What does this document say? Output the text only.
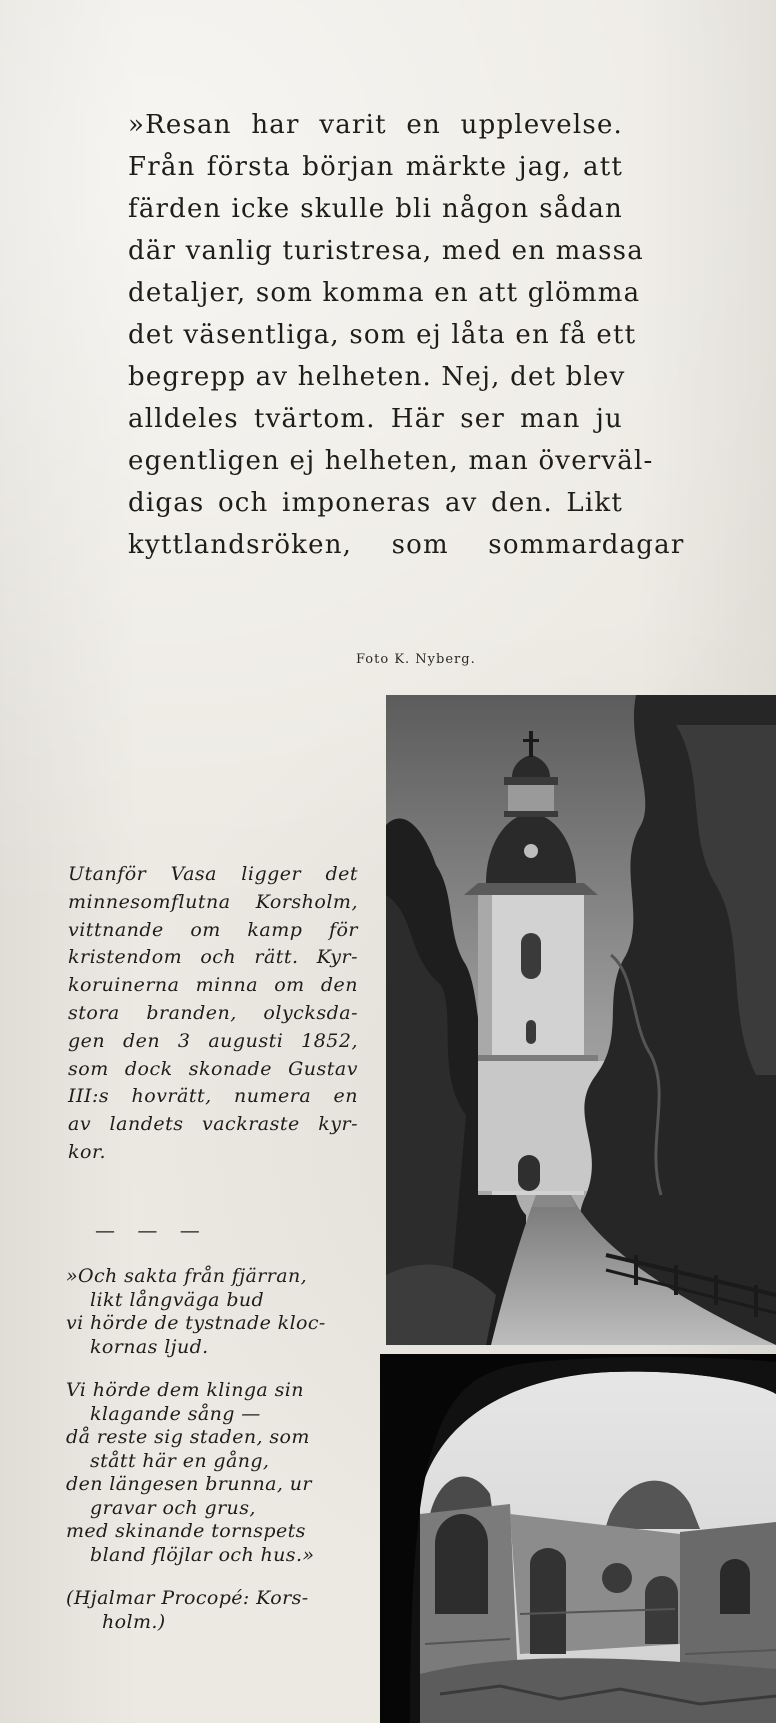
»Resan har varit en upplevelse.
Från första början märkte jag, att
färden icke skulle bli någon sådan
där vanlig turistresa, med en massa
detaljer, som komma en att glömma
det väsentliga, som ej låta en få ett
begrepp av helheten. Nej, det blev
alldeles tvärtom. Här ser man ju
egentligen ej helheten, man överväl-
digas och imponeras av den. Likt
kyttlandsröken, som sommardagar
Foto K. Nyberg.
Utanför Vasa ligger det
minnesomflutna Korsholm,
vittnande om kamp för
kristendom och rätt. Kyr-
koruinerna minna om den
stora branden, olycksda-
gen den 3 augusti 1852,
som dock skonade Gustav
III:s hovrätt, numera en
av landets vackraste kyr-
kor.
— — —
»Och sakta från fjärran,
likt långväga bud
vi hörde de tystnade kloc-
kornas ljud.
Vi hörde dem klinga sin
klagande sång —
då reste sig staden, som
stått här en gång,
den längesen brunna, ur
gravar och grus,
med skinande tornspets
bland flöjlar och hus.»
(Hjalmar Procopé: Kors-
holm.)
